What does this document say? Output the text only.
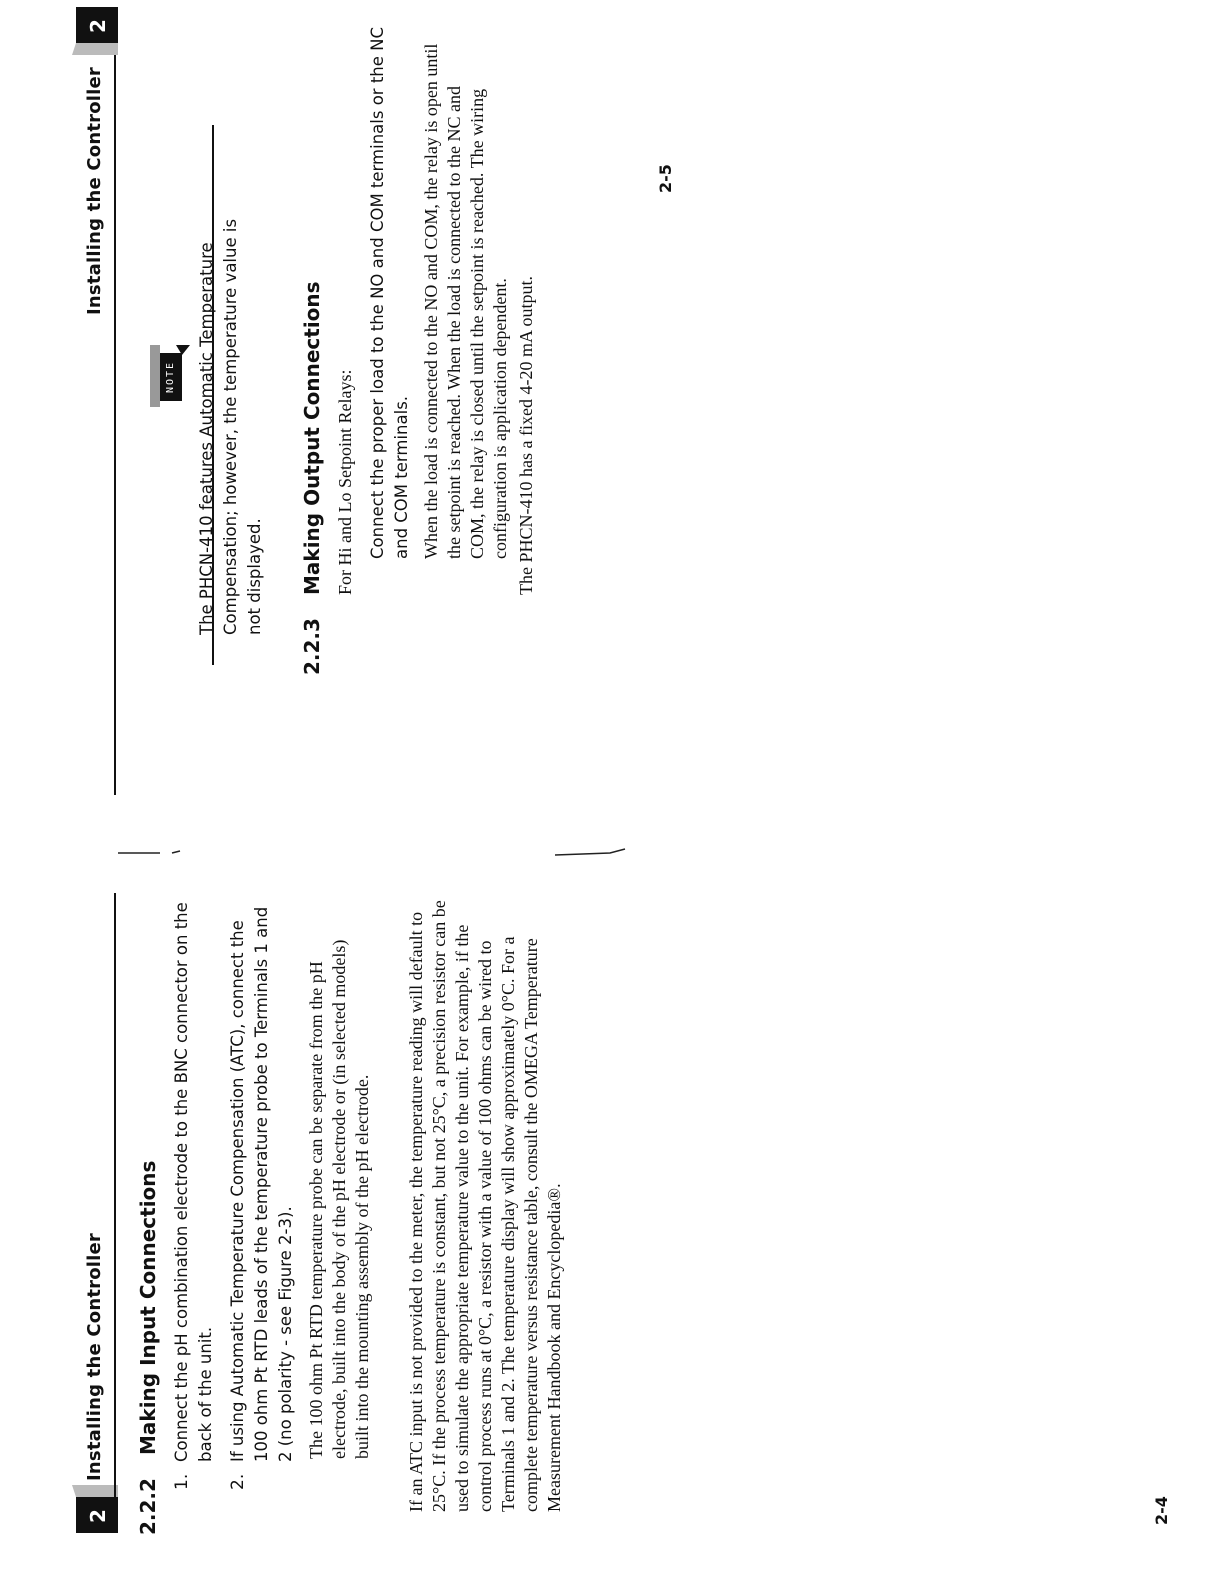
2
Installing the Controller
2.2.2
Making Input Connections
1.
Connect the pH combination electrode to the BNC connector on the back of the unit.
2.
If using Automatic Temperature Compensation (ATC), connect the 100 ohm Pt RTD leads of the temperature probe to Terminals 1 and 2 (no polarity - see Figure 2-3). The 100 ohm Pt RTD temperature probe can be separate from the pH electrode, built into the body of the pH electrode or (in selected models) built into the mounting assembly of the pH electrode. If an ATC input is not provided to the meter, the temperature reading will default to 25°C. If the process temperature is constant, but not 25°C, a precision resistor can be used to simulate the appropriate temperature value to the unit. For example, if the control process runs at 0°C, a resistor with a value of 100 ohms can be wired to Terminals 1 and 2. The temperature display will show approximately 0°C. For a complete temperature versus resistance table, consult the OMEGA Temperature Measurement Handbook and Encyclopedia®.
Installing the Controller
2
NOTE	The PHCN-410 features Automatic Temperature Compensation; however, the temperature value is not displayed.
2.2.3
Making Output Connections For Hi and Lo Setpoint Relays: Connect the proper load to the NO and COM terminals or the NC and COM terminals. When the load is connected to the NO and COM, the relay is open until the setpoint is reached. When the load is connected to the NC and COM, the relay is closed until the setpoint is reached. The wiring configuration is application dependent. The PHCN-410 has a fixed 4-20 mA output.
2-4
2-5
